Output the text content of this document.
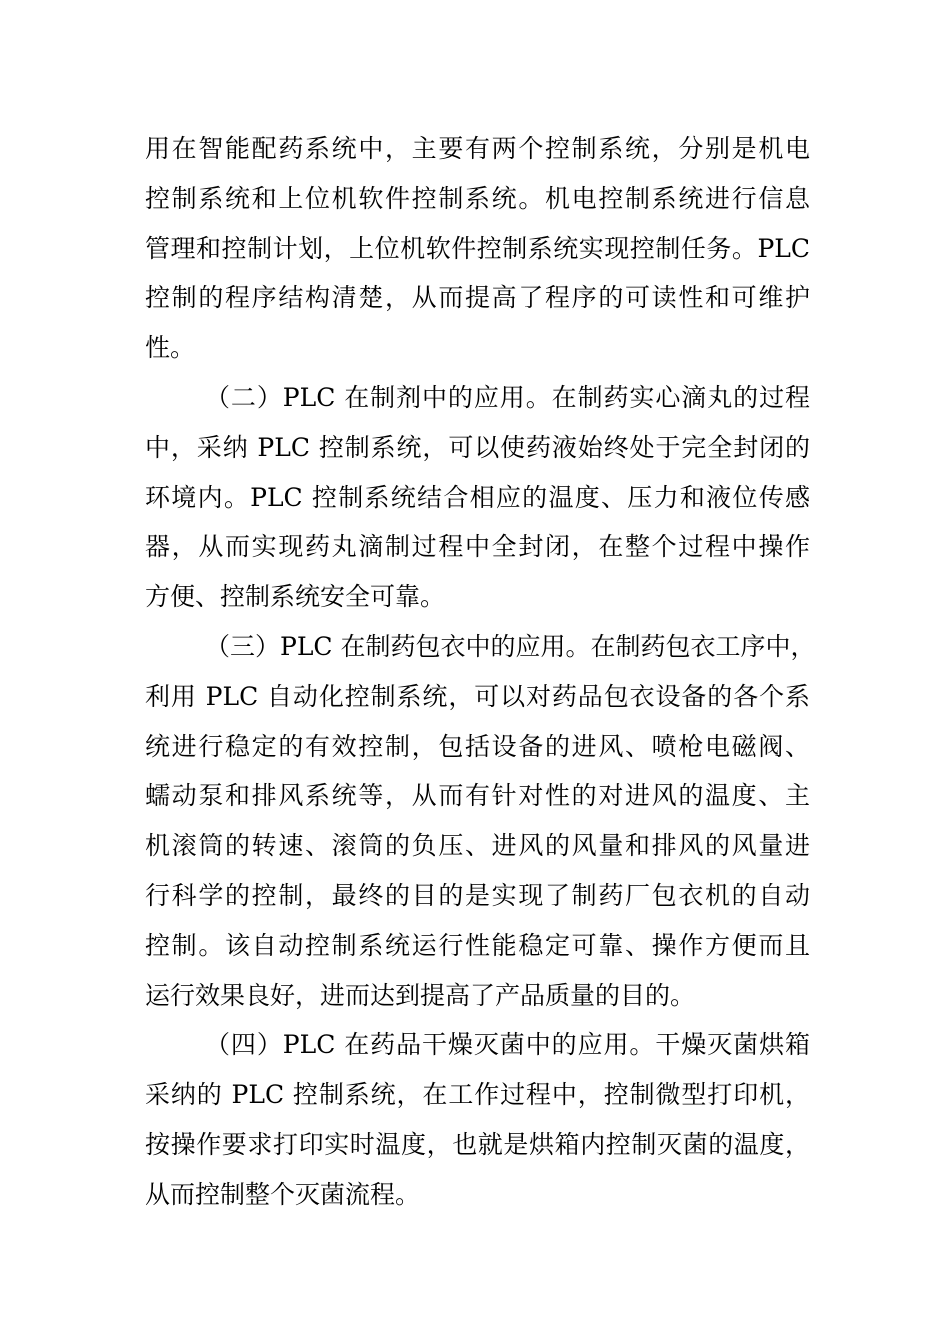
用在智能配药系统中，主要有两个控制系统，分别是机电
控制系统和上位机软件控制系统。机电控制系统进行信息
管理和控制计划，上位机软件控制系统实现控制任务。PLC
控制的程序结构清楚，从而提高了程序的可读性和可维护
性。
（二）PLC 在制剂中的应用。在制药实心滴丸的过程
中，采纳 PLC 控制系统，可以使药液始终处于完全封闭的
环境内。PLC 控制系统结合相应的温度、压力和液位传感
器，从而实现药丸滴制过程中全封闭，在整个过程中操作
方便、控制系统安全可靠。
（三）PLC 在制药包衣中的应用。在制药包衣工序中，
利用 PLC 自动化控制系统，可以对药品包衣设备的各个系
统进行稳定的有效控制，包括设备的进风、喷枪电磁阀、
蠕动泵和排风系统等，从而有针对性的对进风的温度、主
机滚筒的转速、滚筒的负压、进风的风量和排风的风量进
行科学的控制，最终的目的是实现了制药厂包衣机的自动
控制。该自动控制系统运行性能稳定可靠、操作方便而且
运行效果良好，进而达到提高了产品质量的目的。
（四）PLC 在药品干燥灭菌中的应用。干燥灭菌烘箱
采纳的 PLC 控制系统，在工作过程中，控制微型打印机，
按操作要求打印实时温度，也就是烘箱内控制灭菌的温度，
从而控制整个灭菌流程。
